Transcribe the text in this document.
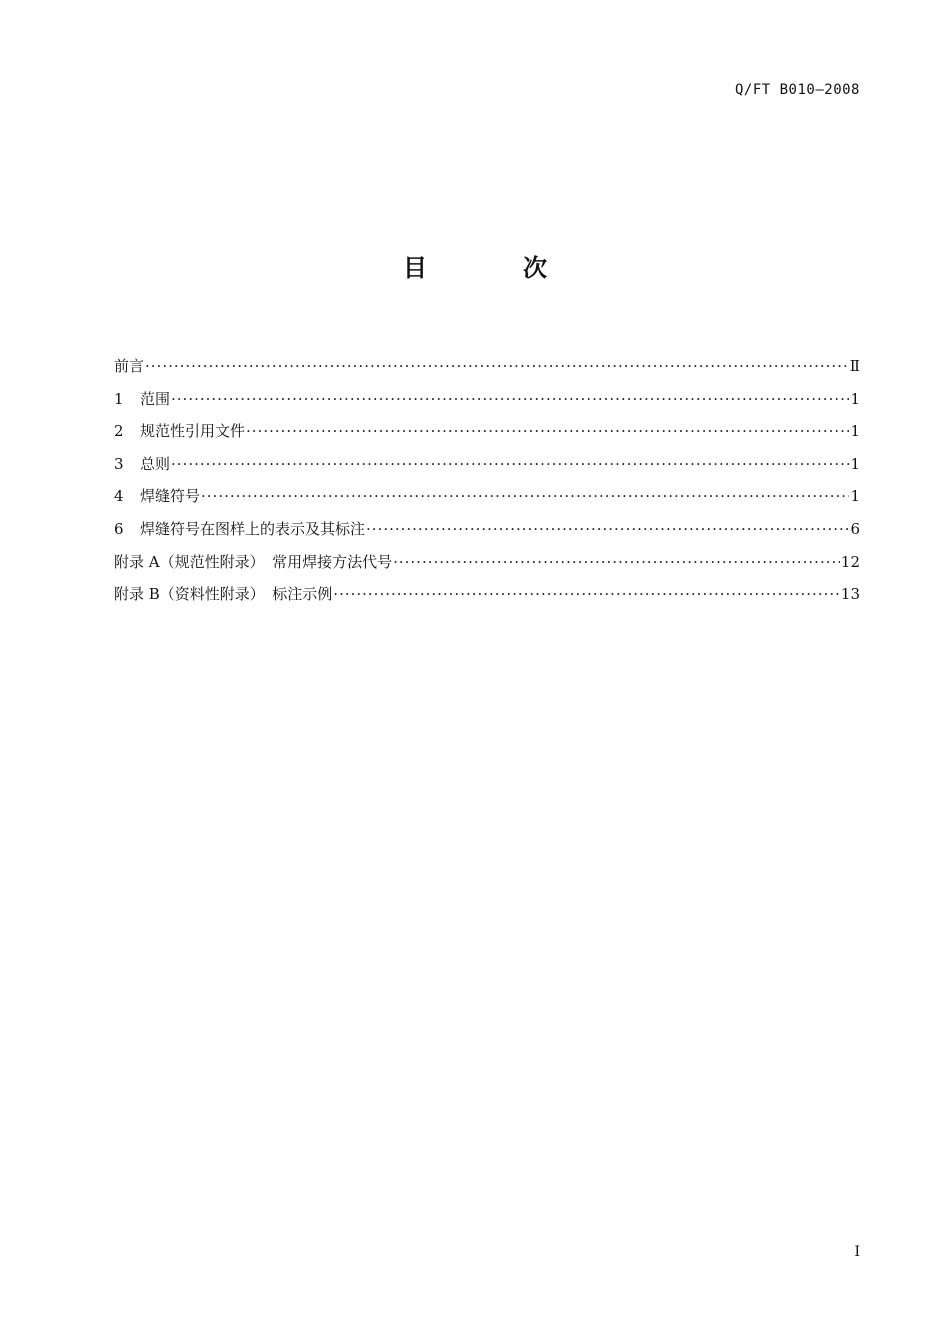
Q/FT B010—2008
目	次
前言 ·····	Ⅱ
1	范围 ·····	1
2	规范性引用文件 ·····	1
3	总则 ·····	1
4	焊缝符号 ·····	1
6	焊缝符号在图样上的表示及其标注 ·····	6
附录 A（规范性附录）　常用焊接方法代号 ·····	12
附录 B（资料性附录）　标注示例 ·····	13
I
